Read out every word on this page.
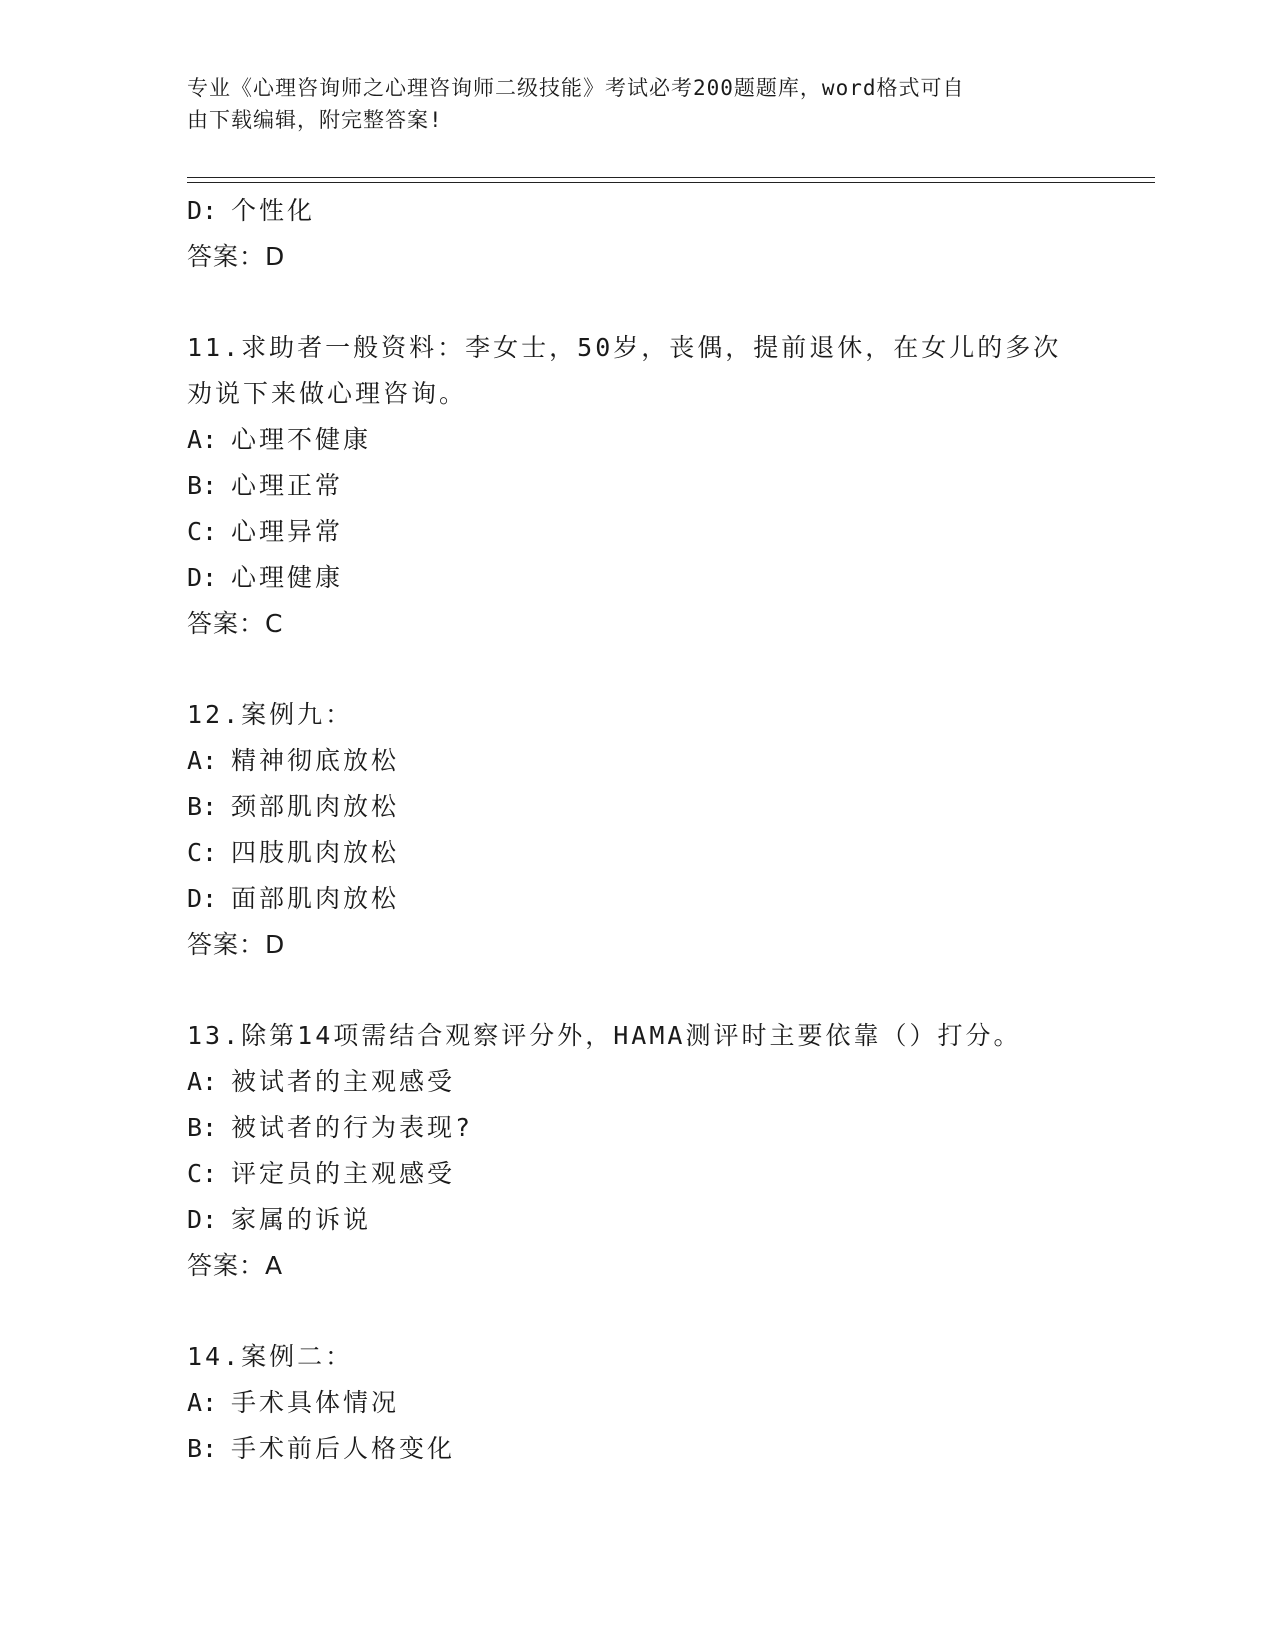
专业《心理咨询师之心理咨询师二级技能》考试必考200题题库，word格式可自
由下载编辑，附完整答案!
D: 个性化
答案：D
11.求助者一般资料：李女士，50岁，丧偶，提前退休，在女儿的多次
劝说下来做心理咨询。
A: 心理不健康
B: 心理正常
C: 心理异常
D: 心理健康
答案：C
12.案例九：
A: 精神彻底放松
B: 颈部肌肉放松
C: 四肢肌肉放松
D: 面部肌肉放松
答案：D
13.除第14项需结合观察评分外，HAMA测评时主要依靠（）打分。
A: 被试者的主观感受
B: 被试者的行为表现?
C: 评定员的主观感受
D: 家属的诉说
答案：A
14.案例二：
A: 手术具体情况
B: 手术前后人格变化
